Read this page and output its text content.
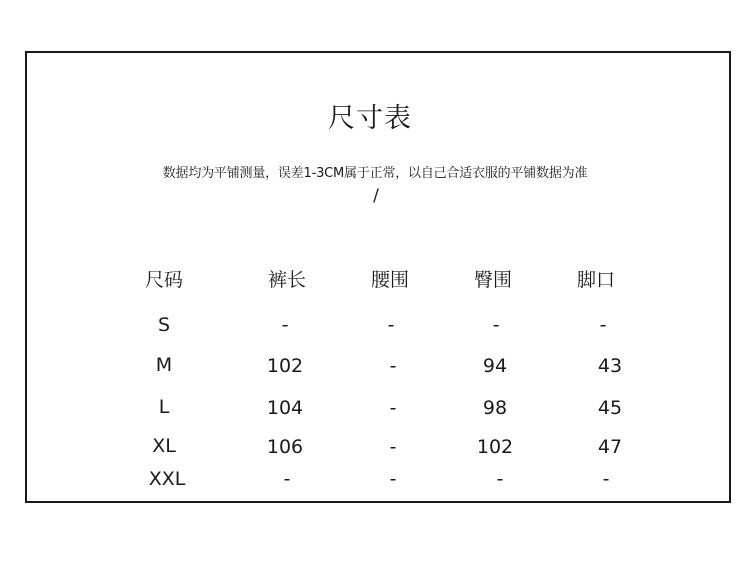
尺寸表
数据均为平铺测量，误差1-3CM属于正常，以自己合适衣服的平铺数据为准
/
尺码	裤长	腰围	臀围	脚口
S	-	-	-	-
M	102	-	94	43
L	104	-	98	45
XL	106	-	102	47
XXL	-	-	-	-
